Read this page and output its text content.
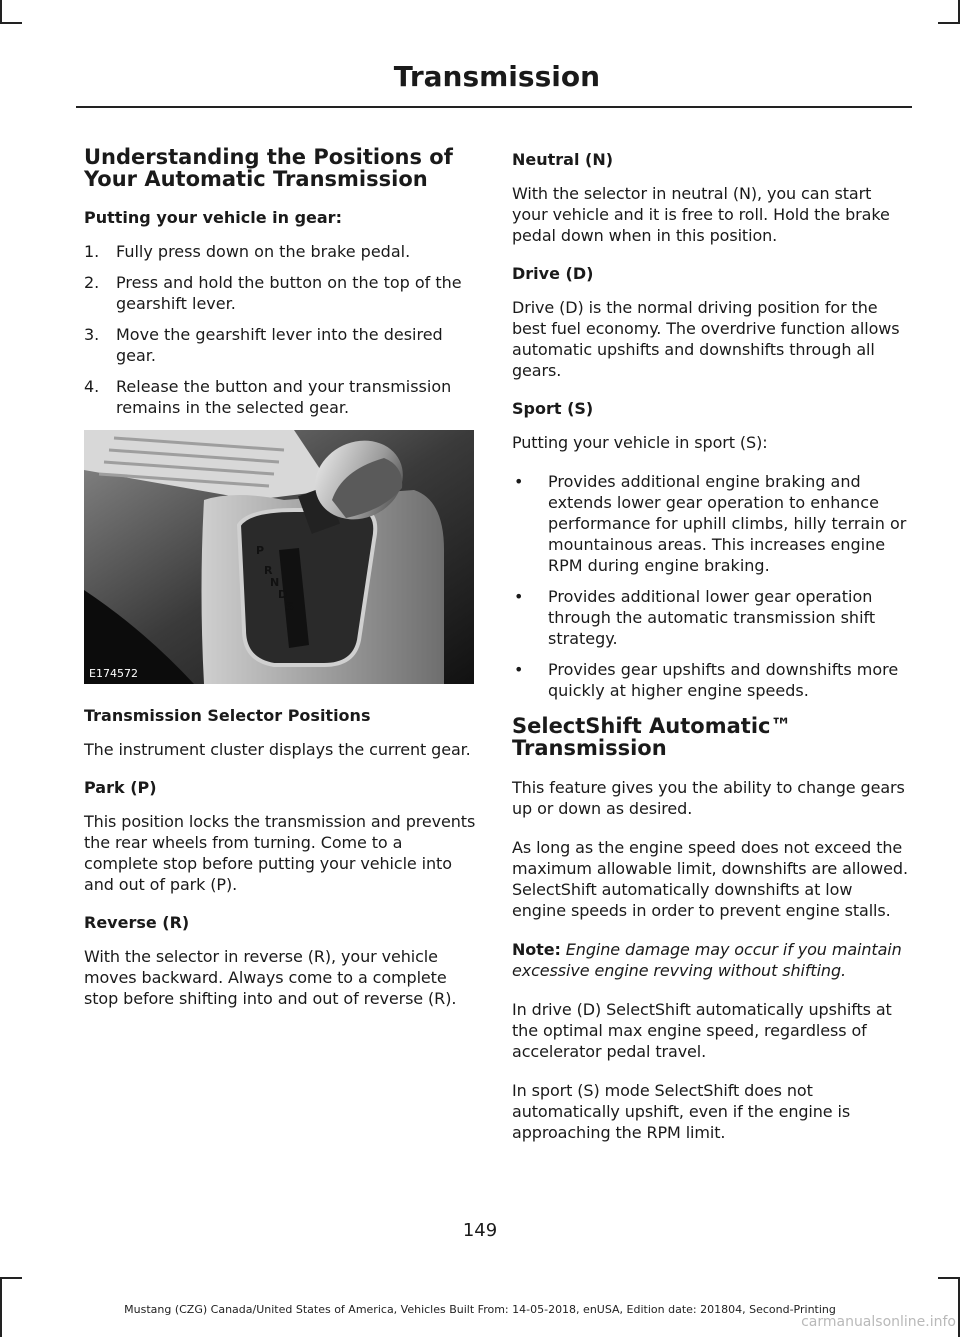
Transmission
Understanding the Positions of Your Automatic Transmission
Putting your vehicle in gear:
1. Fully press down on the brake pedal.
2. Press and hold the button on the top of the gearshift lever.
3. Move the gearshift lever into the desired gear.
4. Release the button and your transmission remains in the selected gear.
P
R
N
D
S
E174572
Transmission Selector Positions

The instrument cluster displays the current gear.

Park (P)

This position locks the transmission and prevents the rear wheels from turning. Come to a complete stop before putting your vehicle into and out of park (P).

Reverse (R)

With the selector in reverse (R), your vehicle moves backward. Always come to a complete stop before shifting into and out of reverse (R).

Neutral (N)

With the selector in neutral (N), you can start your vehicle and it is free to roll. Hold the brake pedal down when in this position.

Drive (D)

Drive (D) is the normal driving position for the best fuel economy. The overdrive function allows automatic upshifts and downshifts through all gears.

Sport (S)

Putting your vehicle in sport (S):

• Provides additional engine braking and extends lower gear operation to enhance performance for uphill climbs, hilly terrain or mountainous areas. This increases engine RPM during engine braking.
• Provides additional lower gear operation through the automatic transmission shift strategy.
• Provides gear upshifts and downshifts more quickly at higher engine speeds.
SelectShift Automatic™ Transmission

This feature gives you the ability to change gears up or down as desired.

As long as the engine speed does not exceed the maximum allowable limit, downshifts are allowed. SelectShift automatically downshifts at low engine speeds in order to prevent engine stalls.

Note: Engine damage may occur if you maintain excessive engine revving without shifting.

In drive (D) SelectShift automatically upshifts at the optimal max engine speed, regardless of accelerator pedal travel.

In sport (S) mode SelectShift does not automatically upshift, even if the engine is approaching the RPM limit.

149
Mustang (CZG) Canada/United States of America, Vehicles Built From: 14-05-2018, enUSA, Edition date: 201804, Second-Printing
carmanualsonline.info
